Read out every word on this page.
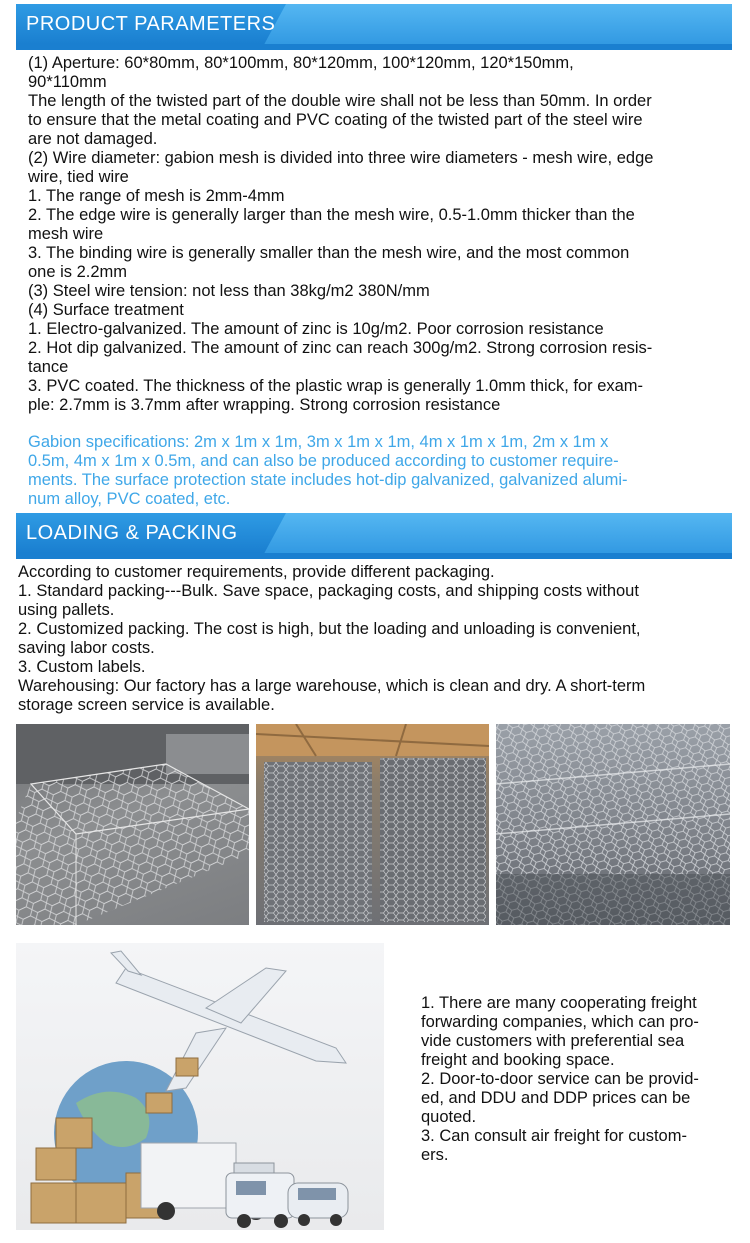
PRODUCT PARAMETERS
(1) Aperture: 60*80mm, 80*100mm, 80*120mm, 100*120mm, 120*150mm,
90*110mm
The length of the twisted part of the double wire shall not be less than 50mm. In order
to ensure that the metal coating and PVC coating of the twisted part of the steel wire
are not damaged.
(2) Wire diameter: gabion mesh is divided into three wire diameters - mesh wire, edge
wire, tied wire
1. The range of mesh is 2mm-4mm
2. The edge wire is generally larger than the mesh wire, 0.5-1.0mm thicker than the
mesh wire
3. The binding wire is generally smaller than the mesh wire, and the most common
one is 2.2mm
(3) Steel wire tension: not less than 38kg/m2 380N/mm
(4) Surface treatment
1. Electro-galvanized. The amount of zinc is 10g/m2. Poor corrosion resistance
2. Hot dip galvanized. The amount of zinc can reach 300g/m2. Strong corrosion resis-
tance
3. PVC coated. The thickness of the plastic wrap is generally 1.0mm thick, for exam-
ple: 2.7mm is 3.7mm after wrapping. Strong corrosion resistance
Gabion specifications: 2m x 1m x 1m, 3m x 1m x 1m, 4m x 1m x 1m, 2m x 1m x
0.5m, 4m x 1m x 0.5m, and can also be produced according to customer require-
ments. The surface protection state includes hot-dip galvanized, galvanized alumi-
num alloy, PVC coated, etc.
LOADING & PACKING
According to customer requirements, provide different packaging.
1. Standard packing---Bulk. Save space, packaging costs, and shipping costs without
using pallets.
2. Customized packing. The cost is high, but the loading and unloading is convenient,
saving labor costs.
3. Custom labels.
Warehousing: Our factory has a large warehouse, which is clean and dry. A short-term
storage screen service is available.
1. There are many cooperating freight
forwarding companies, which can pro-
vide customers with preferential sea
freight and booking space.
2. Door-to-door service can be provid-
ed, and DDU and DDP prices can be
quoted.
3. Can consult air freight for custom-
ers.
